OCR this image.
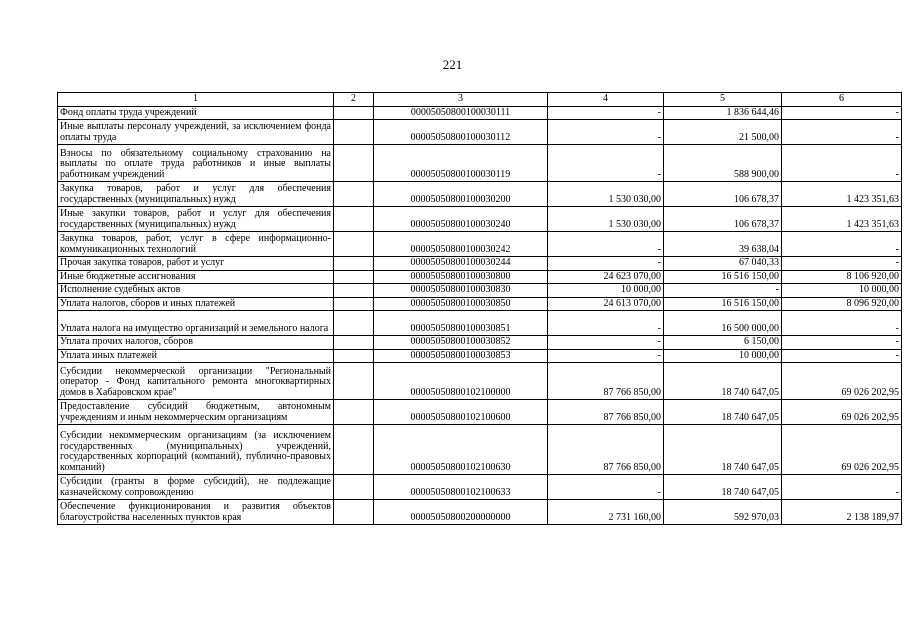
221
1	2	3	4	5	6
Фонд оплаты труда учреждений		00005050800100030111	-	1 836 644,46	-
Иные выплаты персоналу учреждений, за исключением фонда оплаты труда		00005050800100030112	-	21 500,00	-
Взносы по обязательному социальному страхованию на выплаты по оплате труда работников и иные выплаты работникам учреждений		00005050800100030119	-	588 900,00	-
Закупка товаров, работ и услуг для обеспечения государственных (муниципальных) нужд		00005050800100030200	1 530 030,00	106 678,37	1 423 351,63
Иные закупки товаров, работ и услуг для обеспечения государственных (муниципальных) нужд		00005050800100030240	1 530 030,00	106 678,37	1 423 351,63
Закупка товаров, работ, услуг в сфере информационно-коммуникационных технологий		00005050800100030242	-	39 638,04	-
Прочая закупка товаров, работ и услуг		00005050800100030244	-	67 040,33	-
Иные бюджетные ассигнования		00005050800100030800	24 623 070,00	16 516 150,00	8 106 920,00
Исполнение судебных актов		00005050800100030830	10 000,00	-	10 000,00
Уплата налогов, сборов и иных платежей		00005050800100030850	24 613 070,00	16 516 150,00	8 096 920,00
Уплата налога на имущество организаций и земельного налога		00005050800100030851	-	16 500 000,00	-
Уплата прочих налогов, сборов		00005050800100030852	-	6 150,00	-
Уплата иных платежей		00005050800100030853	-	10 000,00	-
Субсидии некоммерческой организации "Региональный оператор - Фонд капитального ремонта многоквартирных домов в Хабаровском крае"		00005050800102100000	87 766 850,00	18 740 647,05	69 026 202,95
Предоставление субсидий бюджетным, автономным учреждениям и иным некоммерческим организациям		00005050800102100600	87 766 850,00	18 740 647,05	69 026 202,95
Субсидии некоммерческим организациям (за исключением государственных (муниципальных) учреждений, государственных корпораций (компаний), публично-правовых компаний)		00005050800102100630	87 766 850,00	18 740 647,05	69 026 202,95
Субсидии (гранты в форме субсидий), не подлежащие казначейскому сопровождению		00005050800102100633	-	18 740 647,05	-
Обеспечение функционирования и развития объектов благоустройства населенных пунктов края		00005050800200000000	2 731 160,00	592 970,03	2 138 189,97
